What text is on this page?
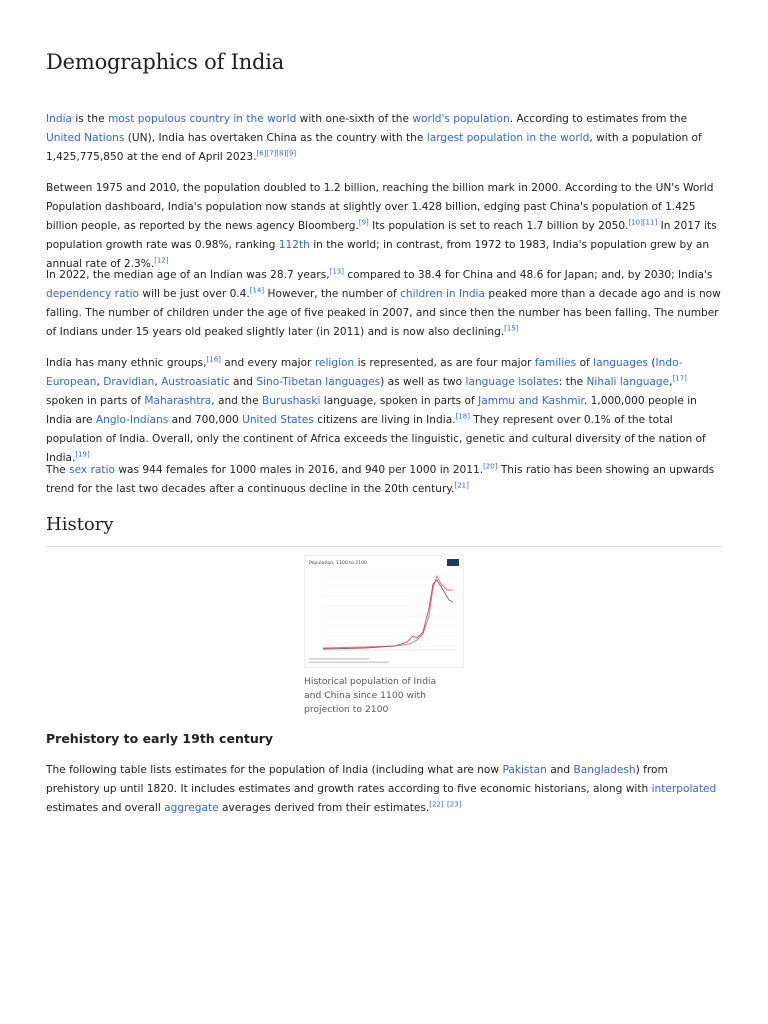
Demographics of India

India is the most populous country in the world with one-sixth of the world's population. According to estimates from the United Nations (UN), India has overtaken China as the country with the largest population in the world, with a population of 1,425,775,850 at the end of April 2023.[6][7][8][9]

Between 1975 and 2010, the population doubled to 1.2 billion, reaching the billion mark in 2000. According to the UN's World Population dashboard, India's population now stands at slightly over 1.428 billion, edging past China's population of 1.425 billion people, as reported by the news agency Bloomberg.[9] Its population is set to reach 1.7 billion by 2050.[10][11] In 2017 its population growth rate was 0.98%, ranking 112th in the world; in contrast, from 1972 to 1983, India's population grew by an annual rate of 2.3%.[12]

In 2022, the median age of an Indian was 28.7 years,[13] compared to 38.4 for China and 48.6 for Japan; and, by 2030; India's dependency ratio will be just over 0.4.[14] However, the number of children in India peaked more than a decade ago and is now falling. The number of children under the age of five peaked in 2007, and since then the number has been falling. The number of Indians under 15 years old peaked slightly later (in 2011) and is now also declining.[15]

India has many ethnic groups,[16] and every major religion is represented, as are four major families of languages (Indo-European, Dravidian, Austroasiatic and Sino-Tibetan languages) as well as two language isolates: the Nihali language,[17] spoken in parts of Maharashtra, and the Burushaski language, spoken in parts of Jammu and Kashmir. 1,000,000 people in India are Anglo-Indians and 700,000 United States citizens are living in India.[18] They represent over 0.1% of the total population of India. Overall, only the continent of Africa exceeds the linguistic, genetic and cultural diversity of the nation of India.[19]

The sex ratio was 944 females for 1000 males in 2016, and 940 per 1000 in 2011.[20] This ratio has been showing an upwards trend for the last two decades after a continuous decline in the 20th century.[21]

History
Population, 1100 to 2100
Historical population of India and China since 1100 with projection to 2100
Prehistory to early 19th century

The following table lists estimates for the population of India (including what are now Pakistan and Bangladesh) from prehistory up until 1820. It includes estimates and growth rates according to five economic historians, along with interpolated estimates and overall aggregate averages derived from their estimates.[22] [23]
